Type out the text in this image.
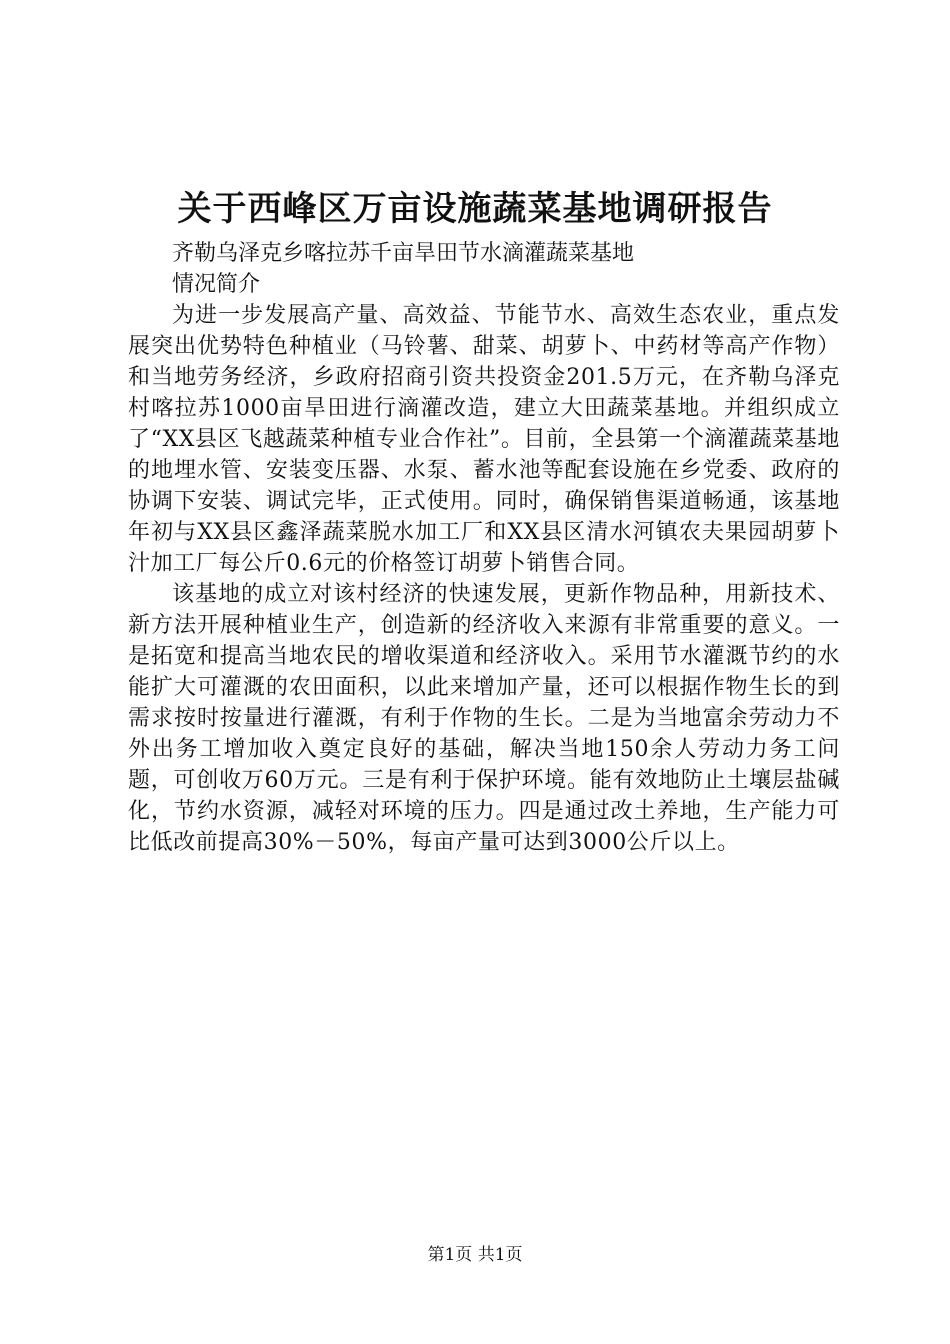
关于西峰区万亩设施蔬菜基地调研报告

齐勒乌泽克乡喀拉苏千亩旱田节水滴灌蔬菜基地

情况简介

为进一步发展高产量、高效益、节能节水、高效生态农业，重点发展突出优势特色种植业（马铃薯、甜菜、胡萝卜、中药材等高产作物）和当地劳务经济，乡政府招商引资共投资金201.5万元，在齐勒乌泽克村喀拉苏1000亩旱田进行滴灌改造，建立大田蔬菜基地。并组织成立了“XX县区飞越蔬菜种植专业合作社”。目前，全县第一个滴灌蔬菜基地的地埋水管、安装变压器、水泵、蓄水池等配套设施在乡党委、政府的协调下安装、调试完毕，正式使用。同时，确保销售渠道畅通，该基地年初与XX县区鑫泽蔬菜脱水加工厂和XX县区清水河镇农夫果园胡萝卜汁加工厂每公斤0.6元的价格签订胡萝卜销售合同。

该基地的成立对该村经济的快速发展，更新作物品种，用新技术、新方法开展种植业生产，创造新的经济收入来源有非常重要的意义。一是拓宽和提高当地农民的增收渠道和经济收入。采用节水灌溉节约的水能扩大可灌溉的农田面积，以此来增加产量，还可以根据作物生长的到需求按时按量进行灌溉，有利于作物的生长。二是为当地富余劳动力不外出务工增加收入奠定良好的基础，解决当地150余人劳动力务工问题，可创收万60万元。三是有利于保护环境。能有效地防止土壤层盐碱化，节约水资源，减轻对环境的压力。四是通过改土养地，生产能力可比低改前提高30%－50%，每亩产量可达到3000公斤以上。

第1页 共1页
